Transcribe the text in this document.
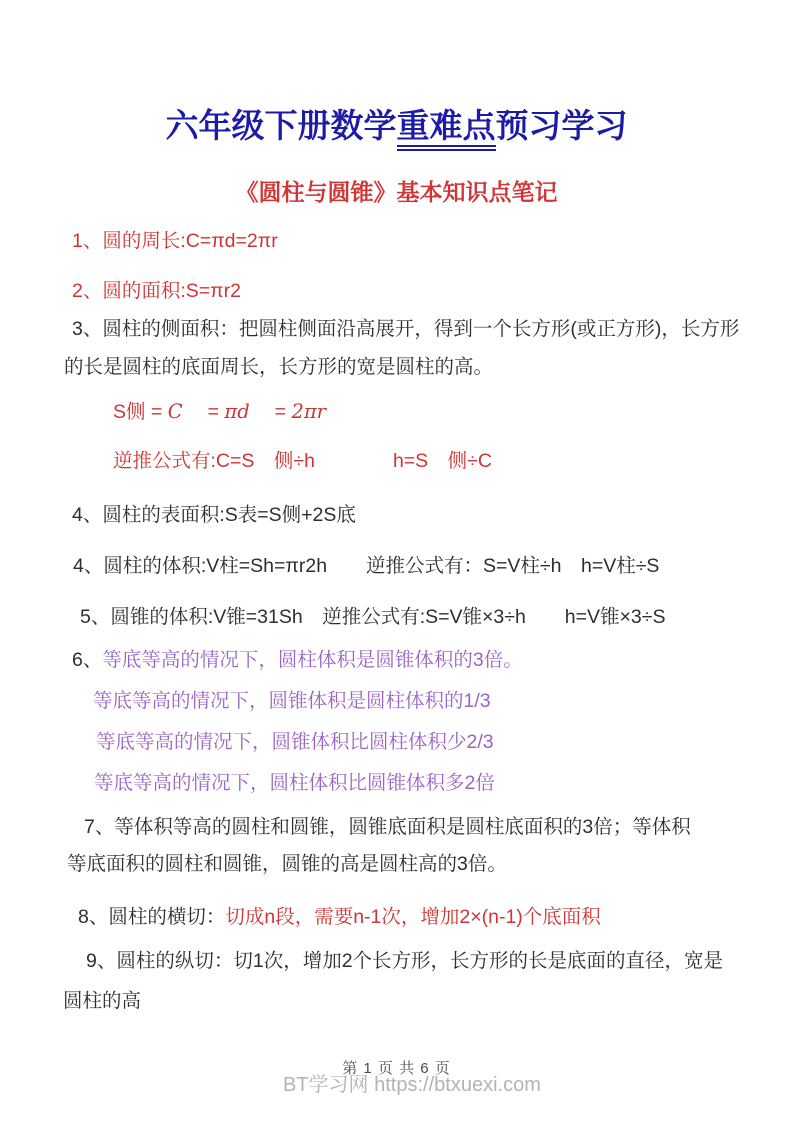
六年级下册数学重难点预习学习
《圆柱与圆锥》基本知识点笔记
1、圆的周长:C=πd=2πr
2、圆的面积:S=πr2
3、圆柱的侧面积：把圆柱侧面沿高展开，得到一个长方形(或正方形)，长方形
的长是圆柱的底面周长，长方形的宽是圆柱的高。
S侧 = C　 = πd　 = 2πr
逆推公式有:C=S　侧÷h　　　　h=S　侧÷C
4、圆柱的表面积:S表=S侧+2S底
4、圆柱的体积:V柱=Sh=πr2h　　逆推公式有：S=V柱÷h　h=V柱÷S
5、圆锥的体积:V锥=31Sh　逆推公式有:S=V锥×3÷h　　h=V锥×3÷S
6、等底等高的情况下，圆柱体积是圆锥体积的3倍。
等底等高的情况下，圆锥体积是圆柱体积的1/3
等底等高的情况下，圆锥体积比圆柱体积少2/3
等底等高的情况下，圆柱体积比圆锥体积多2倍
7、等体积等高的圆柱和圆锥，圆锥底面积是圆柱底面积的3倍；等体积
等底面积的圆柱和圆锥，圆锥的高是圆柱高的3倍。
8、圆柱的横切：切成n段，需要n-1次，增加2×(n-1)个底面积
9、圆柱的纵切：切1次，增加2个长方形，长方形的长是底面的直径，宽是
圆柱的高
第 1 页 共 6 页
BT学习网 https://btxuexi.com
